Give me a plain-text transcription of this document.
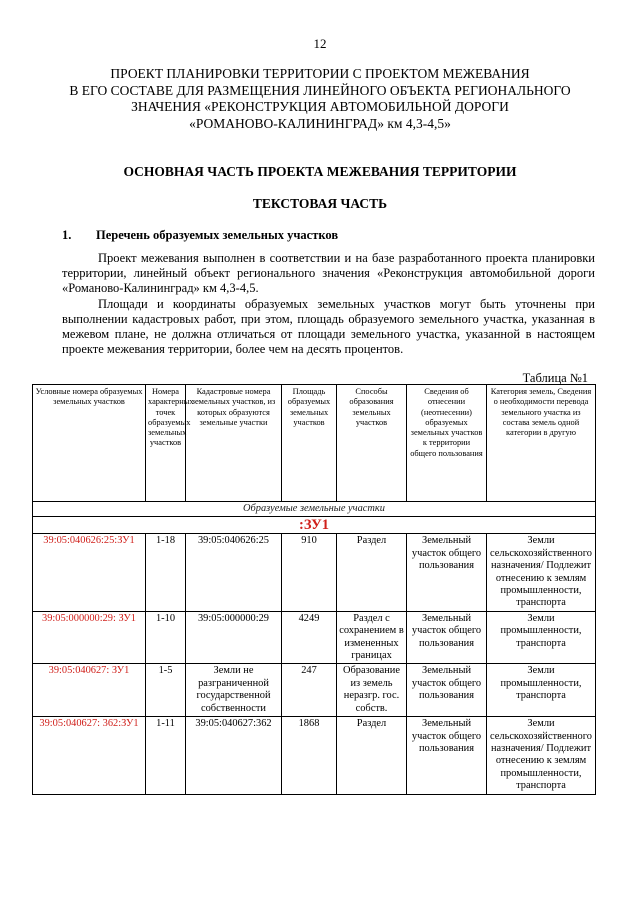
12
ПРОЕКТ ПЛАНИРОВКИ ТЕРРИТОРИИ С ПРОЕКТОМ МЕЖЕВАНИЯ
В ЕГО СОСТАВЕ ДЛЯ РАЗМЕЩЕНИЯ ЛИНЕЙНОГО ОБЪЕКТА РЕГИОНАЛЬНОГО
ЗНАЧЕНИЯ «РЕКОНСТРУКЦИЯ АВТОМОБИЛЬНОЙ ДОРОГИ
«РОМАНОВО-КАЛИНИНГРАД» км 4,3-4,5»
ОСНОВНАЯ ЧАСТЬ ПРОЕКТА МЕЖЕВАНИЯ ТЕРРИТОРИИ
ТЕКСТОВАЯ ЧАСТЬ
1. Перечень образуемых земельных участков

Проект межевания выполнен в соответствии и на базе разработанного проекта планировки территории, линейный объект регионального значения «Реконструкция автомобильной дороги «Романово-Калининград» км 4,3-4,5.

Площади и координаты образуемых земельных участков могут быть уточнены при выполнении кадастровых работ, при этом, площадь образуемого земельного участка, указанная в межевом плане, не должна отличаться от площади земельного участка, указанной в настоящем проекте межевания территории, более чем на десять процентов.

Таблица №1
Условные номера образуемых земельных участков	Номера характерных точек образуемых земельных участков	Кадастровые номера земельных участков, из которых образуются земельные участки	Площадь образуемых земельных участков	Способы образования земельных участков	Сведения об отнесении (неотнесении) образуемых земельных участков к территории общего пользования	Категория земель, Сведения о необходимости перевода земельного участка из состава земель одной категории в другую
Образуемые земельные участки						
:ЗУ1						
39:05:040626:25:ЗУ1	1-18	39:05:040626:25	910	Раздел	Земельный участок общего пользования	Земли сельскохозяйственного назначения/ Подлежит отнесению к землям промышленности, транспорта
39:05:000000:29: ЗУ1	1-10	39:05:000000:29	4249	Раздел с сохранением в измененных границах	Земельный участок общего пользования	Земли промышленности, транспорта
39:05:040627: ЗУ1	1-5	Земли не разграниченной государственной собственности	247	Образование из земель неразгр. гос. собств.	Земельный участок общего пользования	Земли промышленности, транспорта
39:05:040627: 362:ЗУ1	1-11	39:05:040627:362	1868	Раздел	Земельный участок общего пользования	Земли сельскохозяйственного назначения/ Подлежит отнесению к землям промышленности, транспорта
